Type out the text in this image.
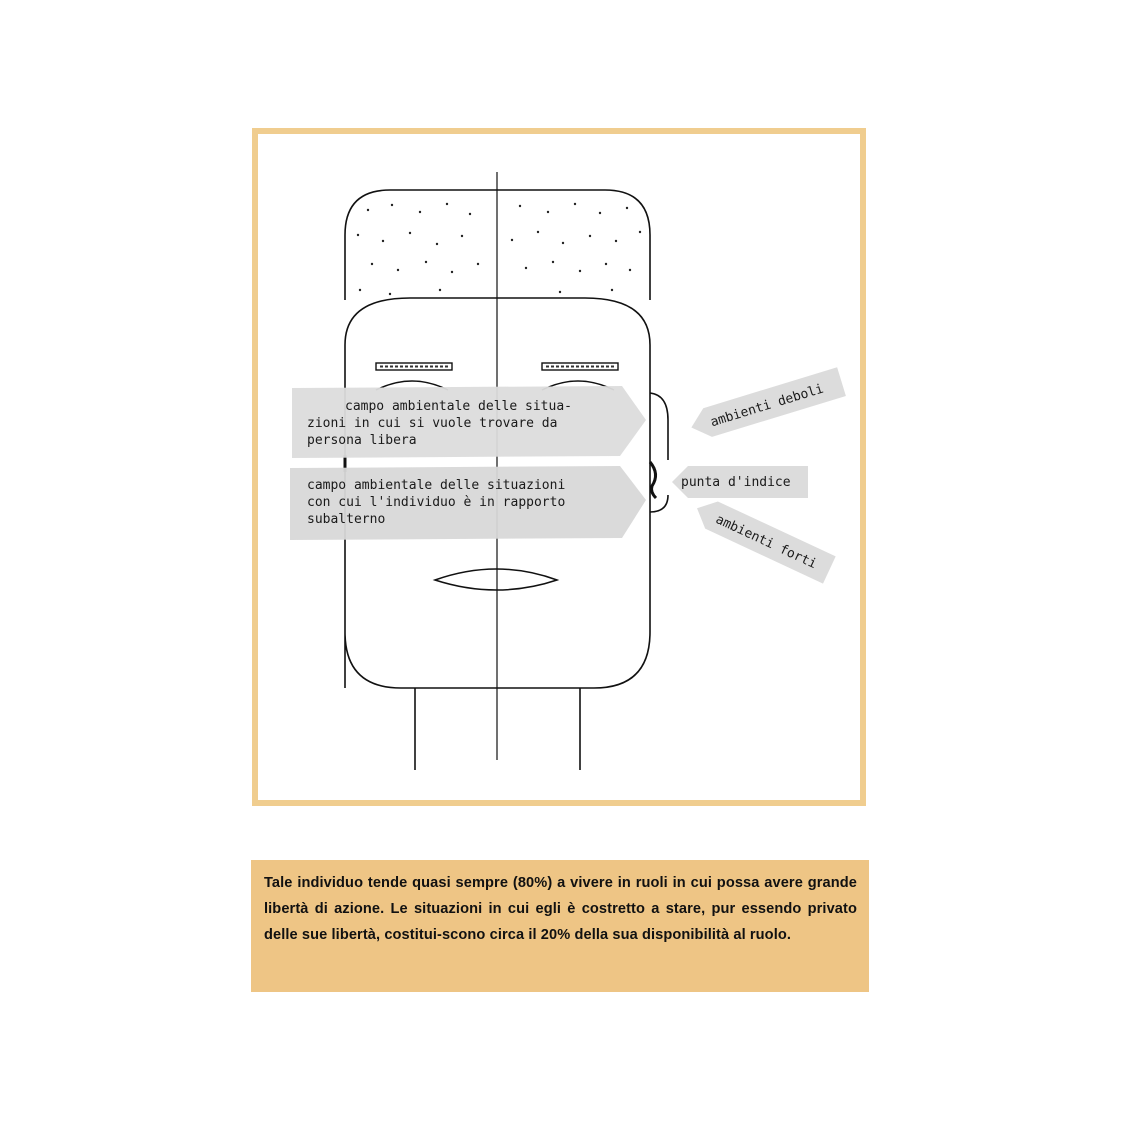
campo ambientale delle situa-
zioni in cui si vuole trovare da
persona libera
campo ambientale delle situazioni
con cui l'individuo è in rapporto
subalterno
ambienti deboli
punta d'indice
ambienti forti

Tale individuo tende quasi sempre (80%) a vivere in ruoli in cui possa avere grande libertà di azione. Le situazioni in cui egli è costretto a stare, pur essendo privato delle sue libertà, costitui-scono circa il 20% della sua disponibilità al ruolo.
